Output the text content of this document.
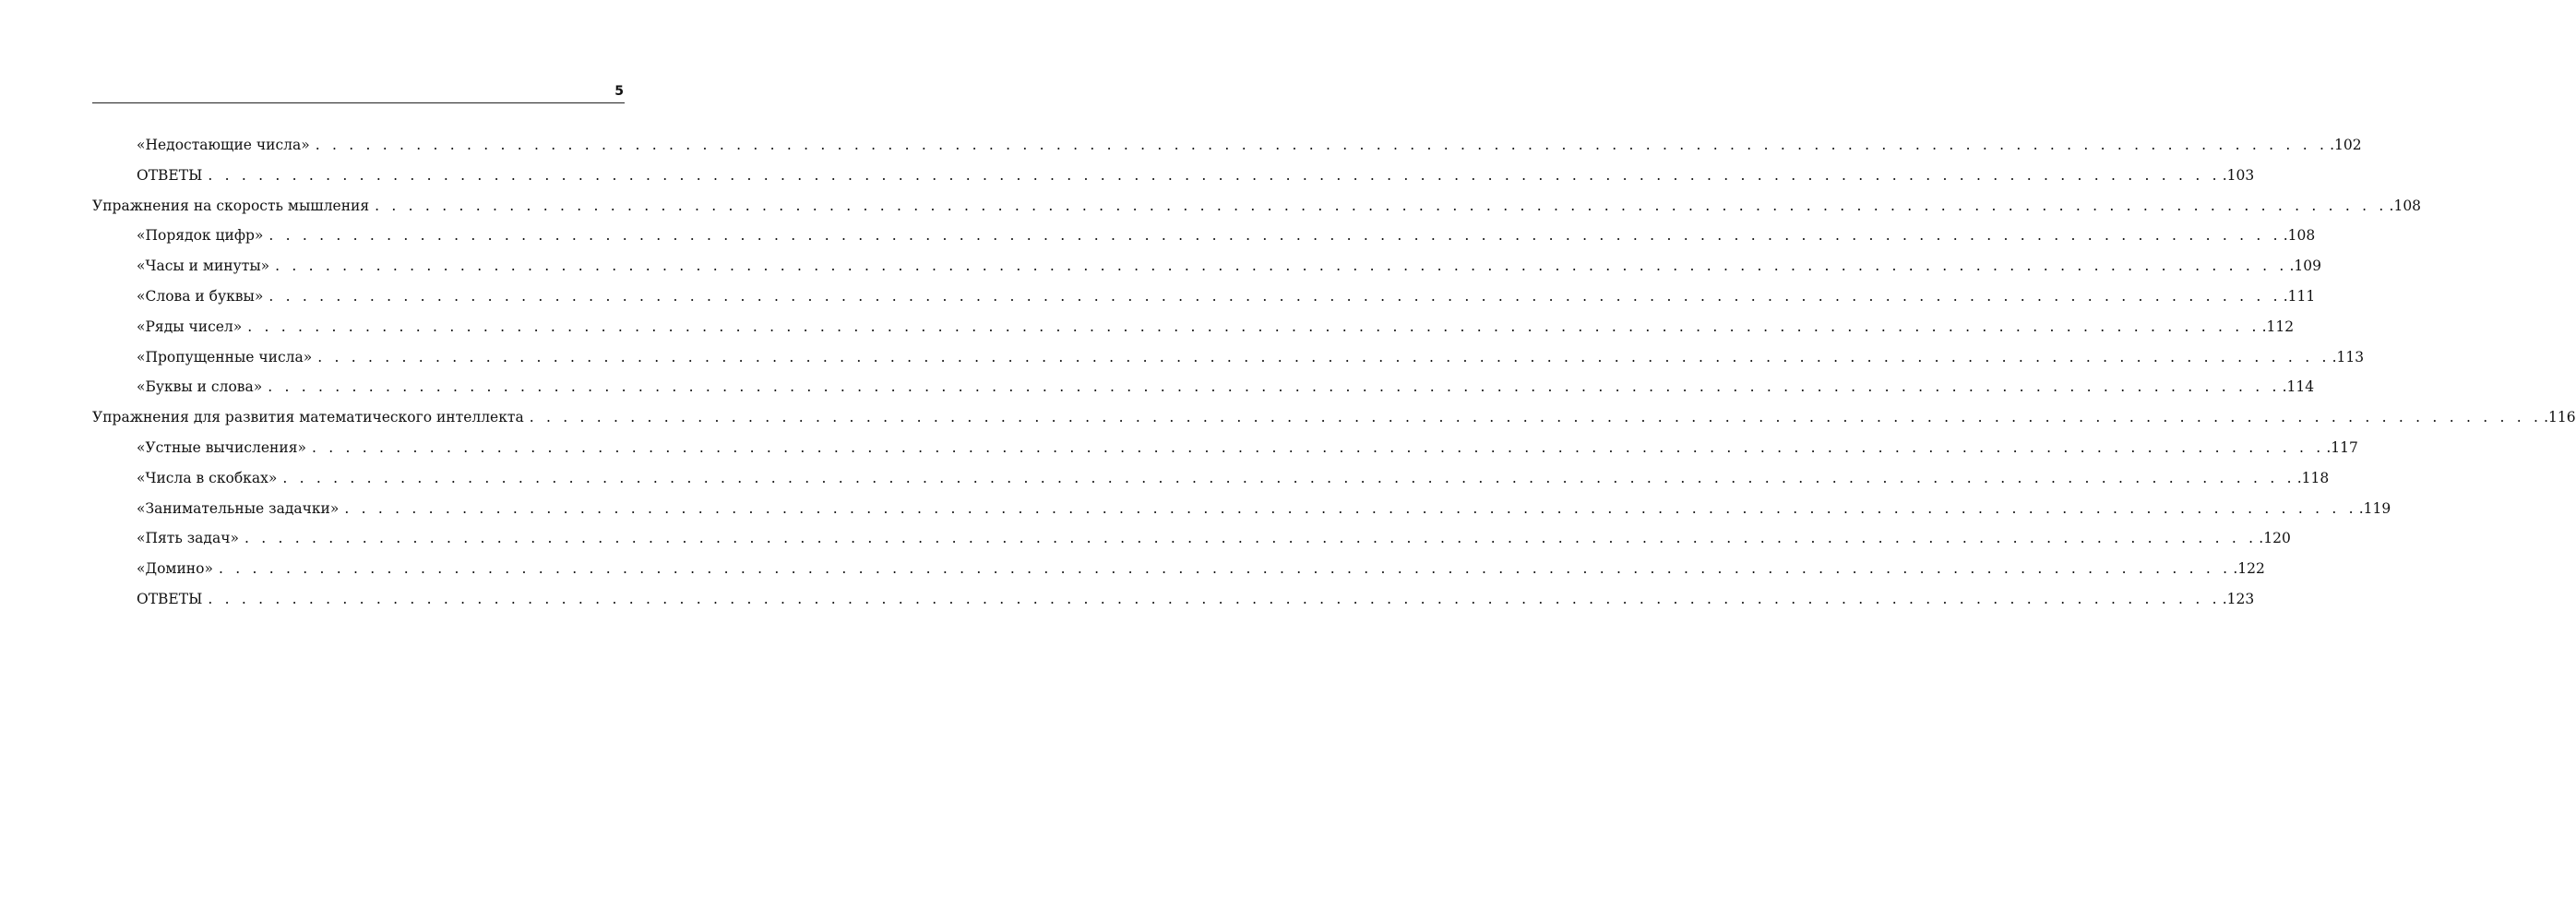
5
«Недостающие числа» . . . . . . . . . . . . . . . . . . . . . . . . . . . . . . . . . . . . . . . . . . . . . . . . . . . . . . . . . . . . . . . . . . . . . . . . . . . . . . . . . . . . . . . . . . . . . . . . . . . . . . . . . . . . . . . . . . . . . . . . .102
ОТВЕТЫ . . . . . . . . . . . . . . . . . . . . . . . . . . . . . . . . . . . . . . . . . . . . . . . . . . . . . . . . . . . . . . . . . . . . . . . . . . . . . . . . . . . . . . . . . . . . . . . . . . . . . . . . . . . . . . . . . . . . . . . . .103
Упражнения на скорость мышления . . . . . . . . . . . . . . . . . . . . . . . . . . . . . . . . . . . . . . . . . . . . . . . . . . . . . . . . . . . . . . . . . . . . . . . . . . . . . . . . . . . . . . . . . . . . . . . . . . . . . . . . . . . . . . . . . . . . . . . . .108
«Порядок цифр» . . . . . . . . . . . . . . . . . . . . . . . . . . . . . . . . . . . . . . . . . . . . . . . . . . . . . . . . . . . . . . . . . . . . . . . . . . . . . . . . . . . . . . . . . . . . . . . . . . . . . . . . . . . . . . . . . . . . . . . . .108
«Часы и минуты» . . . . . . . . . . . . . . . . . . . . . . . . . . . . . . . . . . . . . . . . . . . . . . . . . . . . . . . . . . . . . . . . . . . . . . . . . . . . . . . . . . . . . . . . . . . . . . . . . . . . . . . . . . . . . . . . . . . . . . . . .109
«Слова и буквы» . . . . . . . . . . . . . . . . . . . . . . . . . . . . . . . . . . . . . . . . . . . . . . . . . . . . . . . . . . . . . . . . . . . . . . . . . . . . . . . . . . . . . . . . . . . . . . . . . . . . . . . . . . . . . . . . . . . . . . . . .111
«Ряды чисел» . . . . . . . . . . . . . . . . . . . . . . . . . . . . . . . . . . . . . . . . . . . . . . . . . . . . . . . . . . . . . . . . . . . . . . . . . . . . . . . . . . . . . . . . . . . . . . . . . . . . . . . . . . . . . . . . . . . . . . . . .112
«Пропущенные числа» . . . . . . . . . . . . . . . . . . . . . . . . . . . . . . . . . . . . . . . . . . . . . . . . . . . . . . . . . . . . . . . . . . . . . . . . . . . . . . . . . . . . . . . . . . . . . . . . . . . . . . . . . . . . . . . . . . . . . . . . .113
«Буквы и слова» . . . . . . . . . . . . . . . . . . . . . . . . . . . . . . . . . . . . . . . . . . . . . . . . . . . . . . . . . . . . . . . . . . . . . . . . . . . . . . . . . . . . . . . . . . . . . . . . . . . . . . . . . . . . . . . . . . . . . . . . .114
Упражнения для развития математического интеллекта . . . . . . . . . . . . . . . . . . . . . . . . . . . . . . . . . . . . . . . . . . . . . . . . . . . . . . . . . . . . . . . . . . . . . . . . . . . . . . . . . . . . . . . . . . . . . . . . . . . . . . . . . . . . . . . . . . . . . . . . .116
«Устные вычисления» . . . . . . . . . . . . . . . . . . . . . . . . . . . . . . . . . . . . . . . . . . . . . . . . . . . . . . . . . . . . . . . . . . . . . . . . . . . . . . . . . . . . . . . . . . . . . . . . . . . . . . . . . . . . . . . . . . . . . . . . .117
«Числа в скобках» . . . . . . . . . . . . . . . . . . . . . . . . . . . . . . . . . . . . . . . . . . . . . . . . . . . . . . . . . . . . . . . . . . . . . . . . . . . . . . . . . . . . . . . . . . . . . . . . . . . . . . . . . . . . . . . . . . . . . . . . .118
«Занимательные задачки» . . . . . . . . . . . . . . . . . . . . . . . . . . . . . . . . . . . . . . . . . . . . . . . . . . . . . . . . . . . . . . . . . . . . . . . . . . . . . . . . . . . . . . . . . . . . . . . . . . . . . . . . . . . . . . . . . . . . . . . . .119
«Пять задач» . . . . . . . . . . . . . . . . . . . . . . . . . . . . . . . . . . . . . . . . . . . . . . . . . . . . . . . . . . . . . . . . . . . . . . . . . . . . . . . . . . . . . . . . . . . . . . . . . . . . . . . . . . . . . . . . . . . . . . . . .120
«Домино» . . . . . . . . . . . . . . . . . . . . . . . . . . . . . . . . . . . . . . . . . . . . . . . . . . . . . . . . . . . . . . . . . . . . . . . . . . . . . . . . . . . . . . . . . . . . . . . . . . . . . . . . . . . . . . . . . . . . . . . . .122
ОТВЕТЫ . . . . . . . . . . . . . . . . . . . . . . . . . . . . . . . . . . . . . . . . . . . . . . . . . . . . . . . . . . . . . . . . . . . . . . . . . . . . . . . . . . . . . . . . . . . . . . . . . . . . . . . . . . . . . . . . . . . . . . . . .123
